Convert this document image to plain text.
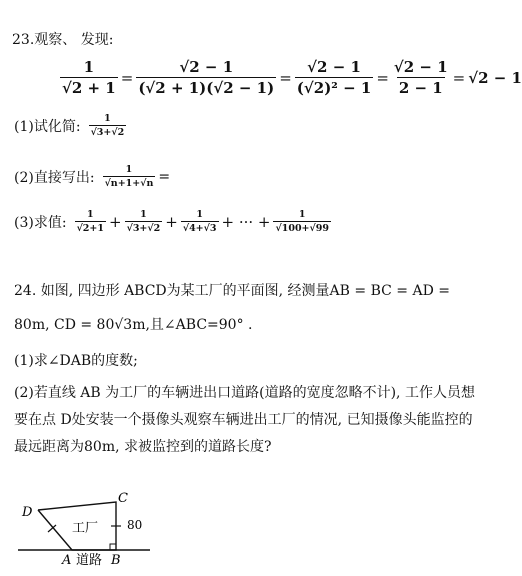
23.观察、 发现:
$\frac{1}{√2 + 1} = \frac{√2 - 1}{(√2 + 1)(√2 - 1)} = \frac{√2 - 1}{\text{(√2)² − 1}} = \frac{√2 - 1}{2 - 1} = √2 - 1$
(1)试化简: $\frac{1}{√3+√2}$
(2)直接写出: $\frac{1}{√n+1+√n}$ =
(3)求值: $\frac{1}{√2+1} + \frac{1}{√3+√2} + \frac{1}{√4+√3}$ + ··· + $\frac{1}{√100+√99}$
24. 如图, 四边形 ABCD为某工厂的平面图, 经测量AB = BC = AD =
80m, CD = 80√3m,且∠ABC=90° .
(1)求∠DAB的度数;
(2)若直线 AB 为工厂的车辆进出口道路(道路的宽度忽略不计), 工作人员想
要在点 D处安装一个摄像头观察车辆进出工厂的情况, 已知摄像头能监控的
最远距离为80m, 求被监控到的道路长度?
D
C
A	B
工厂
道路
80
